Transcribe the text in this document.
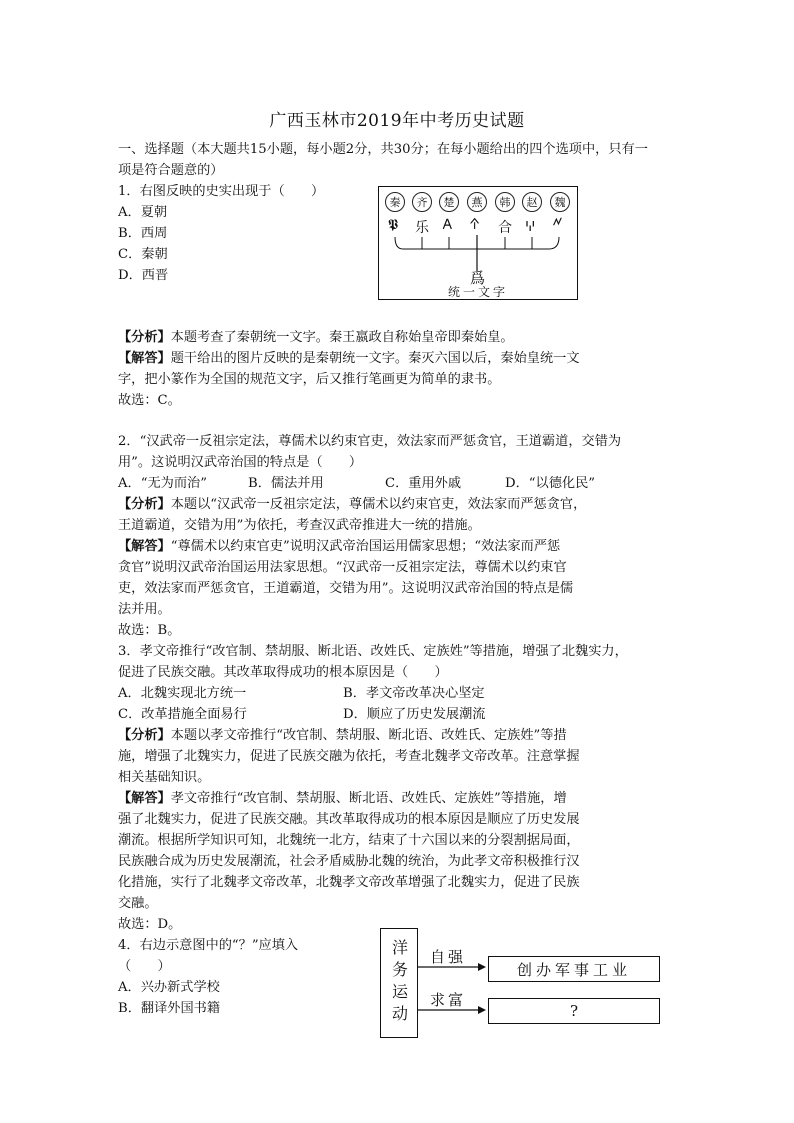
广西玉林市2019年中考历史试题
一、选择题（本大题共15小题，每小题2分，共30分；在每小题给出的四个选项中，只有一
项是符合题意的）
1．右图反映的史实出现于（　　）
A．夏朝
B．西周
C．秦朝
D．西晋
秦	齐	楚	燕	韩	赵	魏
𝕻 乐 𐌀 𐊁 合 𐋈 𐊏
爲
统一文字
【分析】本题考查了秦朝统一文字。秦王嬴政自称始皇帝即秦始皇。
【解答】题干给出的图片反映的是秦朝统一文字。秦灭六国以后，秦始皇统一文
字，把小篆作为全国的规范文字，后又推行笔画更为简单的隶书。
故选：C。
2．“汉武帝一反祖宗定法，尊儒术以约束官吏，效法家而严惩贪官，王道霸道，交错为
用”。这说明汉武帝治国的特点是（　　）
A．“无为而治”	B．儒法并用	C．重用外戚	D．“以德化民”
【分析】本题以“汉武帝一反祖宗定法，尊儒术以约束官吏，效法家而严惩贪官，
王道霸道，交错为用”为依托，考查汉武帝推进大一统的措施。
【解答】“尊儒术以约束官吏”说明汉武帝治国运用儒家思想；“效法家而严惩
贪官”说明汉武帝治国运用法家思想。“汉武帝一反祖宗定法，尊儒术以约束官
吏，效法家而严惩贪官，王道霸道，交错为用”。这说明汉武帝治国的特点是儒
法并用。
故选：B。
3．孝文帝推行“改官制、禁胡服、断北语、改姓氏、定族姓”等措施，增强了北魏实力，
促进了民族交融。其改革取得成功的根本原因是（　　）
A．北魏实现北方统一	B．孝文帝改革决心坚定
C．改革措施全面易行	D．顺应了历史发展潮流
【分析】本题以孝文帝推行“改官制、禁胡服、断北语、改姓氏、定族姓”等措
施，增强了北魏实力，促进了民族交融为依托，考查北魏孝文帝改革。注意掌握
相关基础知识。
【解答】孝文帝推行“改官制、禁胡服、断北语、改姓氏、定族姓”等措施，增
强了北魏实力，促进了民族交融。其改革取得成功的根本原因是顺应了历史发展
潮流。根据所学知识可知，北魏统一北方，结束了十六国以来的分裂割据局面，
民族融合成为历史发展潮流，社会矛盾威胁北魏的统治，为此孝文帝积极推行汉
化措施，实行了北魏孝文帝改革，北魏孝文帝改革增强了北魏实力，促进了民族
交融。
故选：D。
4．右边示意图中的“？”应填入
（　　）
A．兴办新式学校
B．翻译外国书籍	洋务运动 自强
求富
创办军事工业
?
